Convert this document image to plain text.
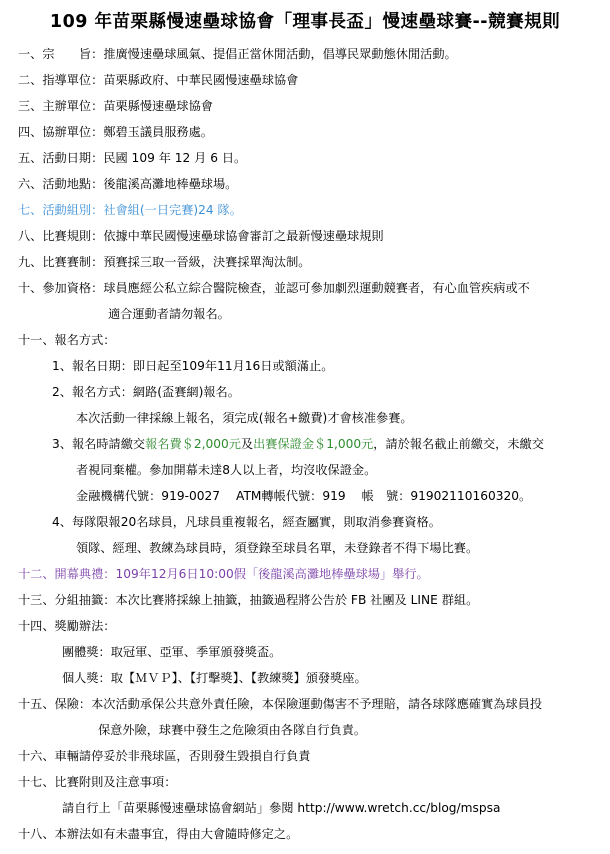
109 年苗栗縣慢速壘球協會「理事長盃」慢速壘球賽--競賽規則
一、宗　　旨：推廣慢速壘球風氣、提倡正當休閒活動，倡導民眾動態休閒活動。
二、指導單位：苗栗縣政府、中華民國慢速壘球協會
三、主辦單位：苗栗縣慢速壘球協會
四、協辦單位：鄭碧玉議員服務處。
五、活動日期：民國 109 年 12 月 6 日。
六、活動地點：後龍溪高灘地棒壘球場。
七、活動組別：社會組(一日完賽)24 隊。
八、比賽規則：依據中華民國慢速壘球協會審訂之最新慢速壘球規則
九、比賽賽制：預賽採三取一晉級，決賽採單淘汰制。
十、參加資格：球員應經公私立綜合醫院檢查，並認可參加劇烈運動競賽者，有心血管疾病或不
適合運動者請勿報名。
十一、報名方式：
1、報名日期：即日起至109年11月16日或額滿止。
2、報名方式：網路(盃賽網)報名。
本次活動一律採線上報名，須完成(報名+繳費)才會核准參賽。
3、報名時請繳交報名費＄2,000元及出賽保證金＄1,000元，請於報名截止前繳交，未繳交
者視同棄權。參加開幕未達8人以上者，均沒收保證金。
金融機構代號：919-0027　 ATM轉帳代號：919　 帳　號：91902110160320。
4、每隊限報20名球員，凡球員重複報名，經查屬實，則取消參賽資格。
領隊、經理、教練為球員時，須登錄至球員名單，未登錄者不得下場比賽。
十二、開幕典禮：109年12月6日10:00假「後龍溪高灘地棒壘球場」舉行。
十三、分組抽籤：本次比賽將採線上抽籤，抽籤過程將公告於 FB 社團及 LINE 群組。
十四、獎勵辦法：
團體獎：取冠軍、亞軍、季軍頒發獎盃。
個人獎：取【ＭＶＰ】、【打擊獎】、【教練獎】頒發獎座。
十五、保險：本次活動承保公共意外責任險，本保險運動傷害不予理賠，請各球隊應確實為球員投
保意外險，球賽中發生之危險須由各隊自行負責。
十六、車輛請停妥於非飛球區，否則發生毀損自行負責
十七、比賽附則及注意事項：
請自行上「苗栗縣慢速壘球協會網站」參閱 http://www.wretch.cc/blog/mspsa
十八、本辦法如有未盡事宜，得由大會隨時修定之。
